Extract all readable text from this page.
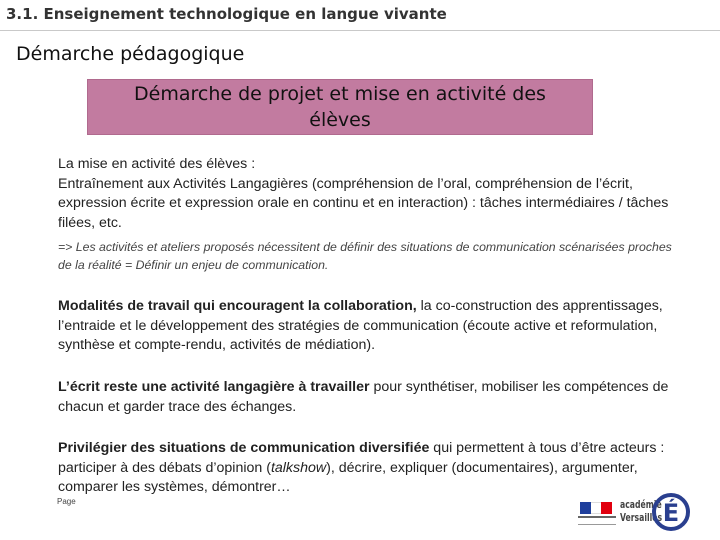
3.1. Enseignement technologique en langue vivante
Démarche pédagogique
Démarche de projet et mise en activité des élèves

La mise en activité des élèves :

Entraînement aux Activités Langagières (compréhension de l’oral, compréhension de l’écrit, expression écrite et expression orale en continu et en interaction) : tâches intermédiaires / tâches filées, etc.

=> Les activités et ateliers proposés nécessitent de définir des situations de communication scénarisées proches de la réalité = Définir un enjeu de communication.

Modalités de travail qui encouragent la collaboration, la co-construction des apprentissages, l’entraide et le développement des stratégies de communication (écoute active et reformulation, synthèse et compte-rendu, activités de médiation).

L’écrit reste une activité langagière à travailler pour synthétiser, mobiliser les compétences de chacun et garder trace des échanges.

Privilégier des situations de communication diversifiée qui permettent à tous d’être acteurs : participer à des débats d’opinion (talkshow), décrire, expliquer (documentaires), argumenter, comparer les systèmes, démontrer…

Page	académie
Versailles É
